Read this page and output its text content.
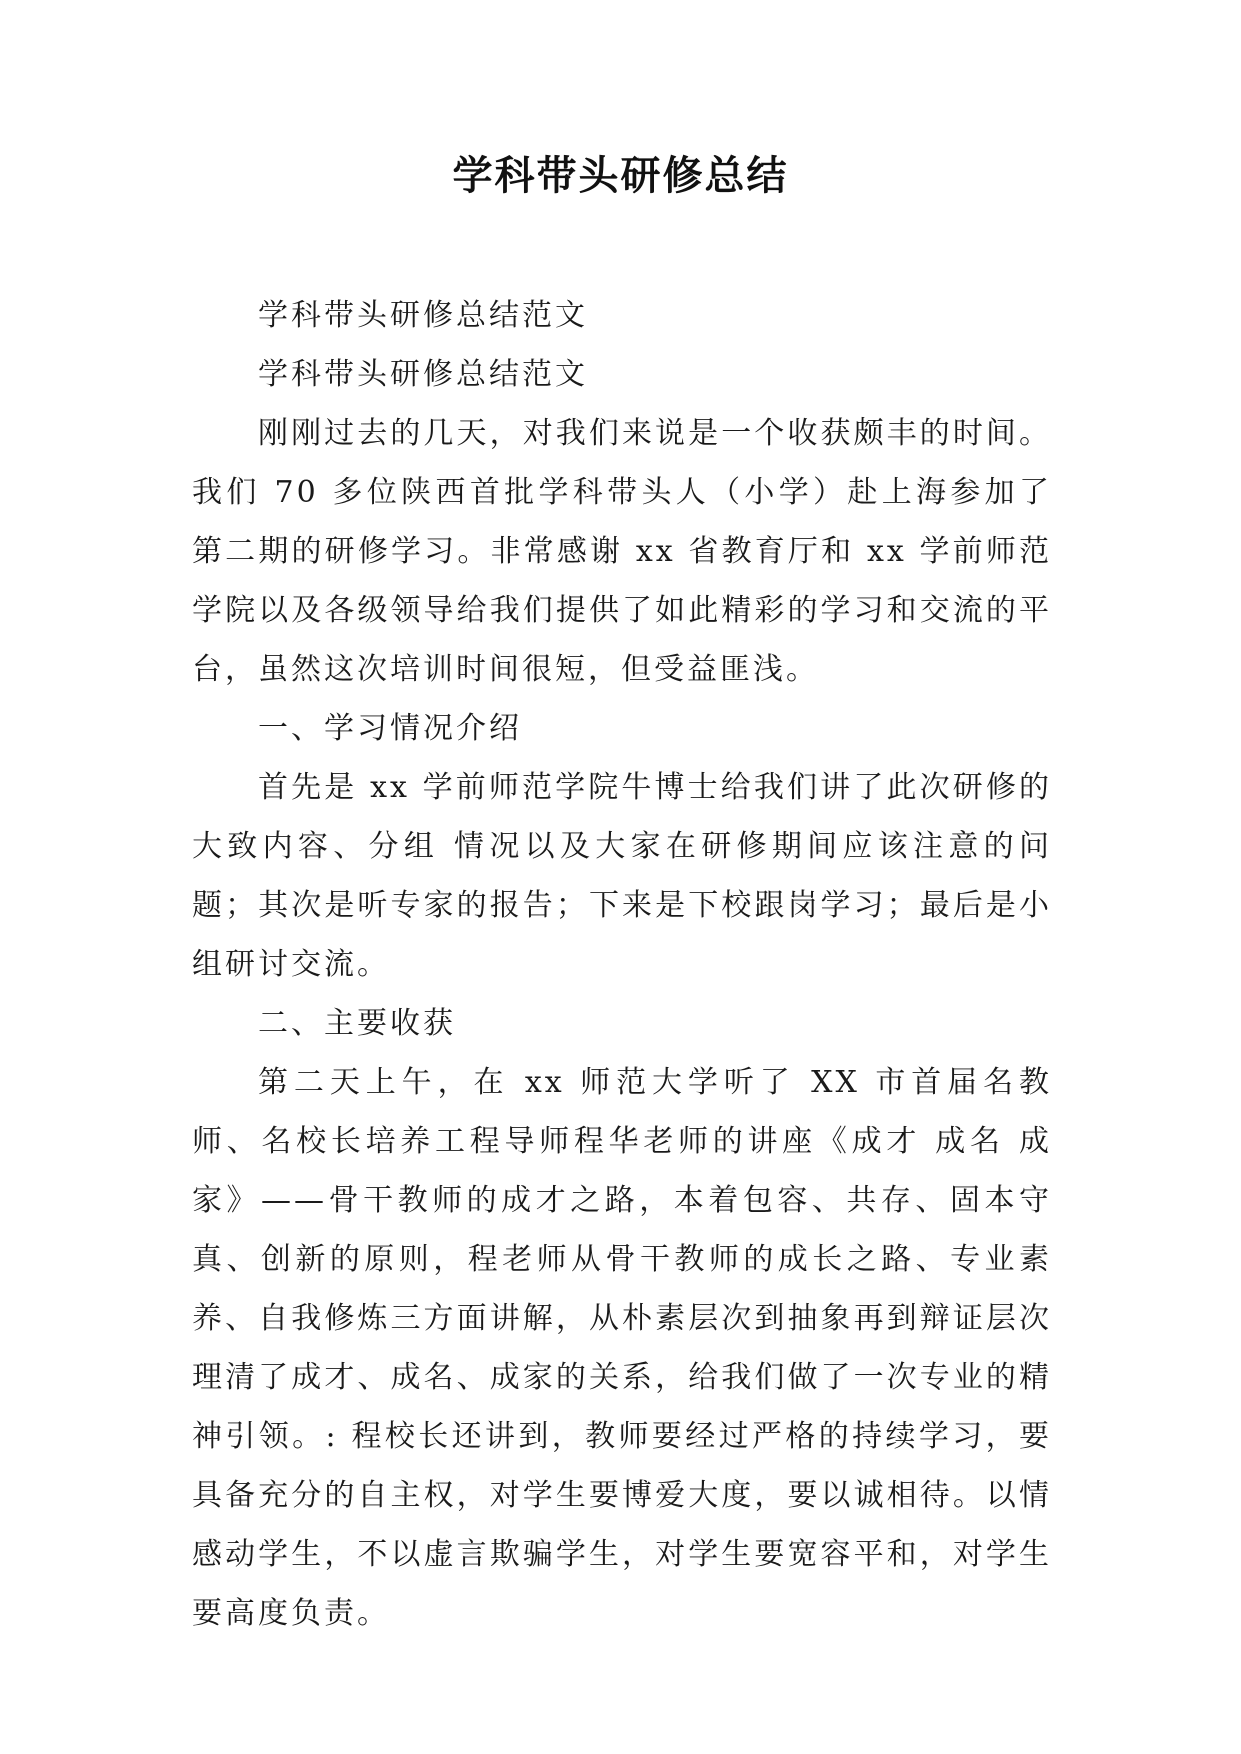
学科带头研修总结

学科带头研修总结范文

学科带头研修总结范文

刚刚过去的几天，对我们来说是一个收获颇丰的时间。我们 70 多位陕西首批学科带头人（小学）赴上海参加了第二期的研修学习。非常感谢 xx 省教育厅和 xx 学前师范学院以及各级领导给我们提供了如此精彩的学习和交流的平台，虽然这次培训时间很短，但受益匪浅。

一、学习情况介绍

首先是 xx 学前师范学院牛博士给我们讲了此次研修的大致内容、分组 情况以及大家在研修期间应该注意的问题；其次是听专家的报告；下来是下校跟岗学习；最后是小组研讨交流。

二、主要收获

第二天上午，在 xx 师范大学听了 XX 市首届名教师、名校长培养工程导师程华老师的讲座《成才 成名 成家》——骨干教师的成才之路，本着包容、共存、固本守真、创新的原则，程老师从骨干教师的成长之路、专业素养、自我修炼三方面讲解，从朴素层次到抽象再到辩证层次理清了成才、成名、成家的关系，给我们做了一次专业的精神引领。: 程校长还讲到，教师要经过严格的持续学习，要具备充分的自主权，对学生要博爱大度，要以诚相待。以情感动学生，不以虚言欺骗学生，对学生要宽容平和，对学生要高度负责。
